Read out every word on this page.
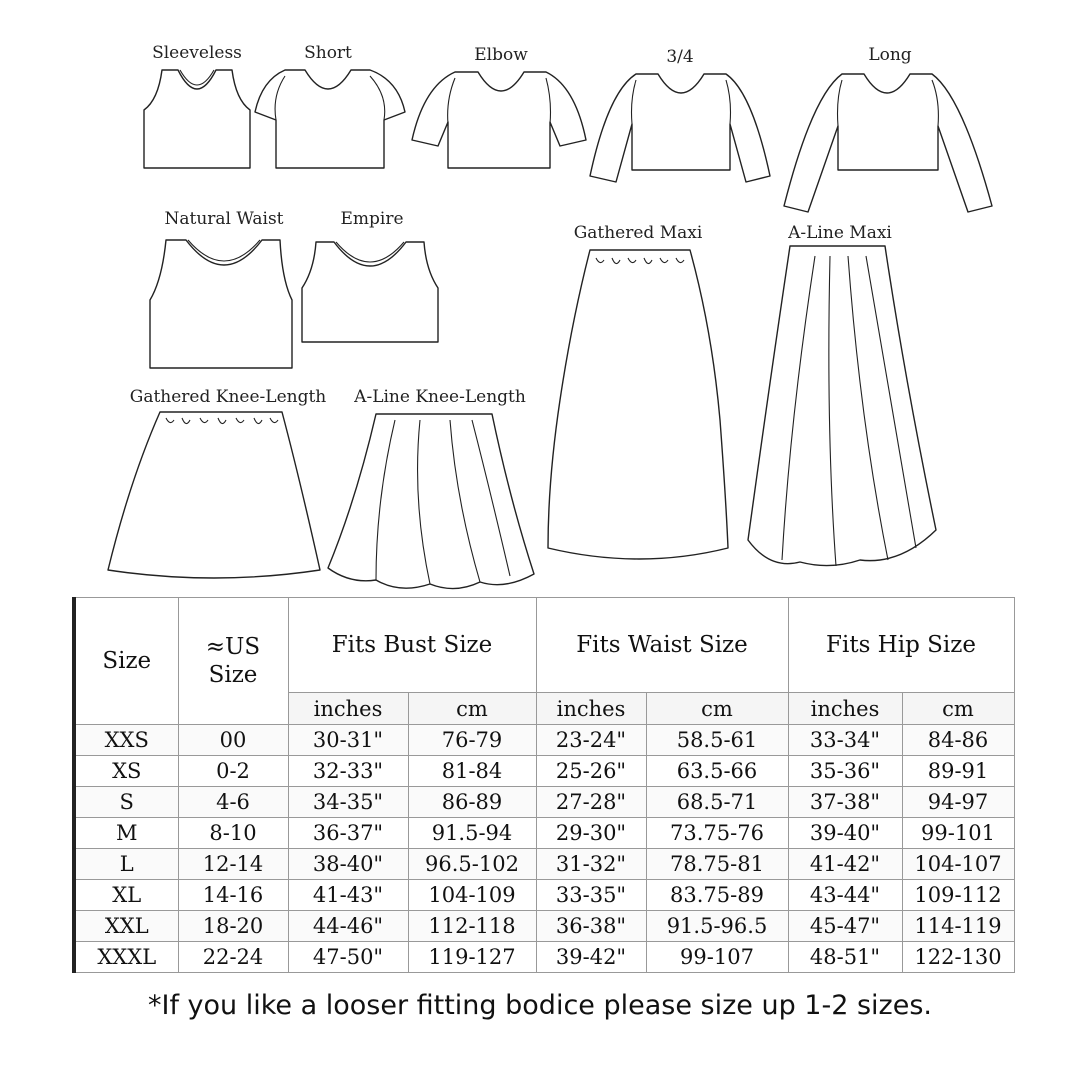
Sleeveless	Short	Elbow	3/4	Long
Natural Waist	Empire
Gathered Maxi	A-Line Maxi
Gathered Knee-Length A-Line Knee-Length
Size	≈US Size	Fits Bust Size		Fits Waist Size		Fits Hip Size	
		inches	cm	inches	cm	inches	cm
XXS	00	30-31"	76-79	23-24"	58.5-61	33-34"	84-86
XS	0-2	32-33"	81-84	25-26"	63.5-66	35-36"	89-91
S	4-6	34-35"	86-89	27-28"	68.5-71	37-38"	94-97
M	8-10	36-37"	91.5-94	29-30"	73.75-76	39-40"	99-101
L	12-14	38-40"	96.5-102	31-32"	78.75-81	41-42"	104-107
XL	14-16	41-43"	104-109	33-35"	83.75-89	43-44"	109-112
XXL	18-20	44-46"	112-118	36-38"	91.5-96.5	45-47"	114-119
XXXL	22-24	47-50"	119-127	39-42"	99-107	48-51"	122-130
*If you like a looser fitting bodice please size up 1-2 sizes.
